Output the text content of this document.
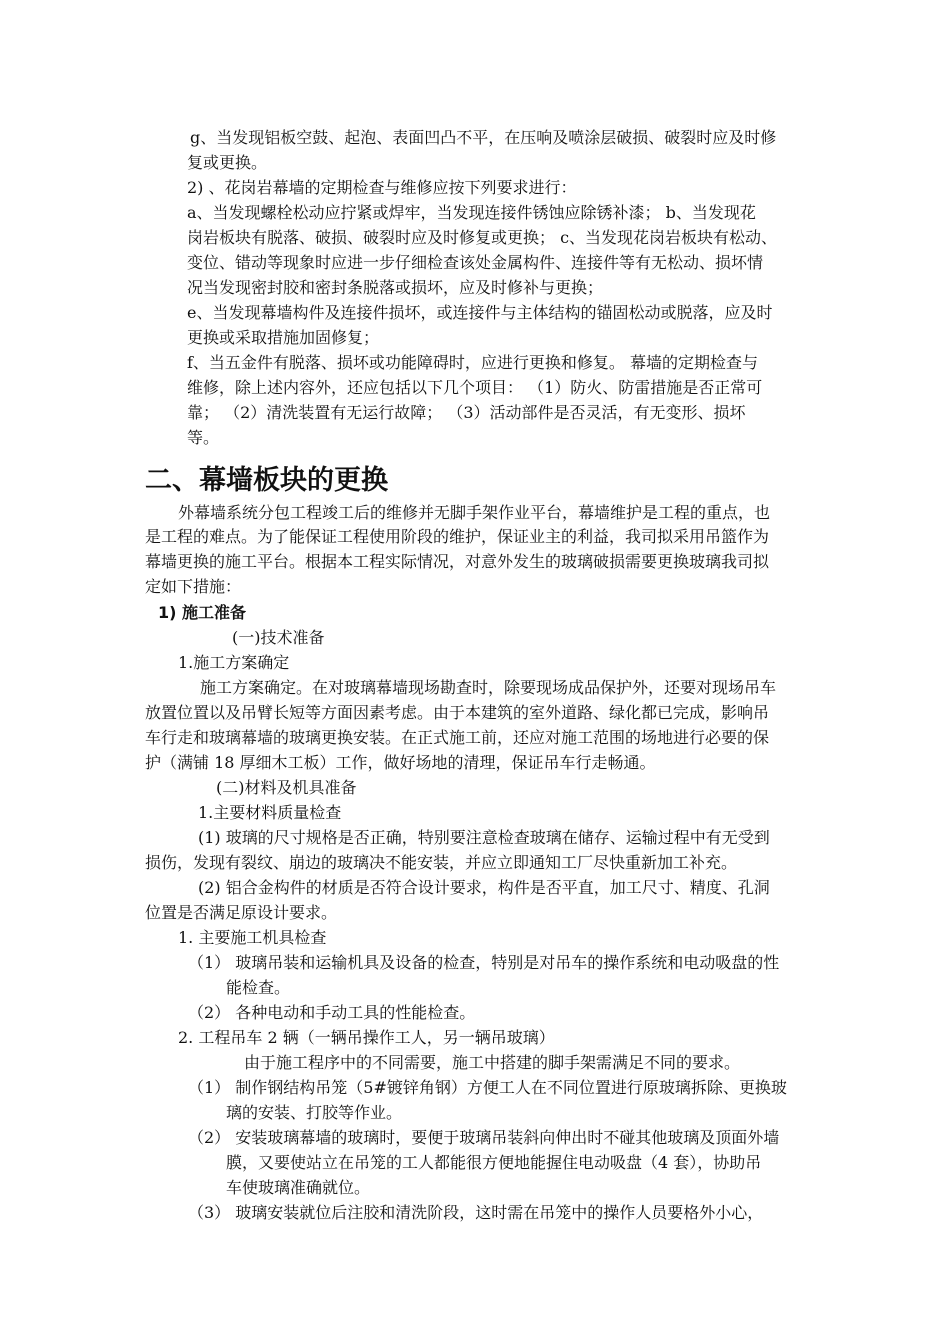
g、当发现铝板空鼓、起泡、表面凹凸不平，在压响及喷涂层破损、破裂时应及时修
复或更换。
2) 、花岗岩幕墙的定期检查与维修应按下列要求进行：
a、当发现螺栓松动应拧紧或焊牢，当发现连接件锈蚀应除锈补漆； b、当发现花
岗岩板块有脱落、破损、破裂时应及时修复或更换； c、当发现花岗岩板块有松动、
变位、错动等现象时应进一步仔细检查该处金属构件、连接件等有无松动、损坏情
况当发现密封胶和密封条脱落或损坏，应及时修补与更换；
e、当发现幕墙构件及连接件损坏，或连接件与主体结构的锚固松动或脱落，应及时
更换或采取措施加固修复；
f、当五金件有脱落、损坏或功能障碍时，应进行更换和修复。 幕墙的定期检查与
维修，除上述内容外，还应包括以下几个项目： （1）防火、防雷措施是否正常可
靠； （2）清洗装置有无运行故障； （3）活动部件是否灵活，有无变形、损坏
等。
二、幕墙板块的更换
外幕墙系统分包工程竣工后的维修并无脚手架作业平台，幕墙维护是工程的重点，也
是工程的难点。为了能保证工程使用阶段的维护，保证业主的利益，我司拟采用吊篮作为
幕墙更换的施工平台。根据本工程实际情况，对意外发生的玻璃破损需要更换玻璃我司拟
定如下措施：
1) 施工准备
(一)技术准备
1.施工方案确定
施工方案确定。在对玻璃幕墙现场勘查时，除要现场成品保护外，还要对现场吊车
放置位置以及吊臂长短等方面因素考虑。由于本建筑的室外道路、绿化都已完成，影响吊
车行走和玻璃幕墙的玻璃更换安装。在正式施工前，还应对施工范围的场地进行必要的保
护（满铺 18 厚细木工板）工作，做好场地的清理，保证吊车行走畅通。
(二)材料及机具准备
1.主要材料质量检查
(1) 玻璃的尺寸规格是否正确，特别要注意检查玻璃在储存、运输过程中有无受到
损伤，发现有裂纹、崩边的玻璃决不能安装，并应立即通知工厂尽快重新加工补充。
(2) 铝合金构件的材质是否符合设计要求，构件是否平直，加工尺寸、精度、孔洞
位置是否满足原设计要求。
1. 主要施工机具检查
（1） 玻璃吊装和运输机具及设备的检查，特别是对吊车的操作系统和电动吸盘的性
能检查。
（2） 各种电动和手动工具的性能检查。
2. 工程吊车 2 辆（一辆吊操作工人，另一辆吊玻璃）
由于施工程序中的不同需要，施工中搭建的脚手架需满足不同的要求。
（1） 制作钢结构吊笼（5#镀锌角钢）方便工人在不同位置进行原玻璃拆除、更换玻
璃的安装、打胶等作业。
（2） 安装玻璃幕墙的玻璃时，要便于玻璃吊装斜向伸出时不碰其他玻璃及顶面外墙
膜，又要使站立在吊笼的工人都能很方便地能握住电动吸盘（4 套），协助吊
车使玻璃准确就位。
（3） 玻璃安装就位后注胶和清洗阶段，这时需在吊笼中的操作人员要格外小心，
